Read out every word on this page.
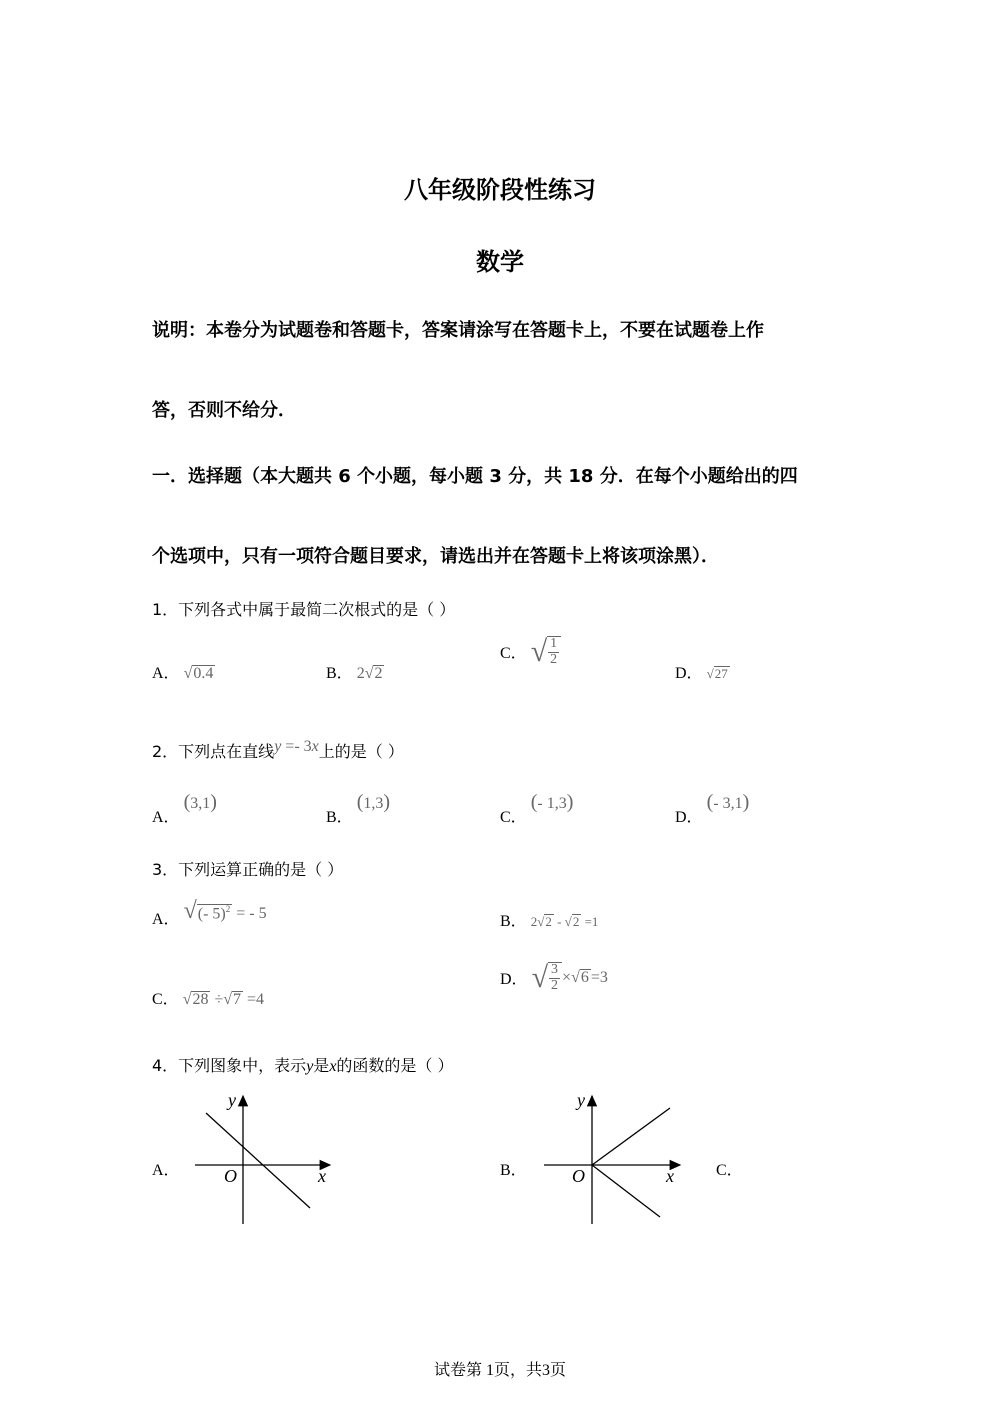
八年级阶段性练习
数学
说明：本卷分为试题卷和答题卡，答案请涂写在答题卡上，不要在试题卷上作
答，否则不给分．
一．选择题（本大题共 6 个小题，每小题 3 分，共 18 分．在每个小题给出的四
个选项中，只有一项符合题目要求，请选出并在答题卡上将该项涂黑）．
1．下列各式中属于最简二次根式的是（ ）
A． √0.4	B． 2√2
C． √ $\frac{1}{2}$
D． √27
2．下列点在直线y =- 3x上的是（ ）
A． (3,1)
B． (1,3)
C． (- 1,3)
D． (- 3,1)
3．下列运算正确的是（ ）
A． √(- 5)$^2$ = - 5	B． 2√2 - √2 =1
C． √28 ÷√7 =4
D． √ $\frac{3}{2}$ × √ 6 =3
4．下列图象中，表示y是x的函数的是（ ）
A．
y
x
O	B．
y
x
O	C．
试卷第 1页，共3页
